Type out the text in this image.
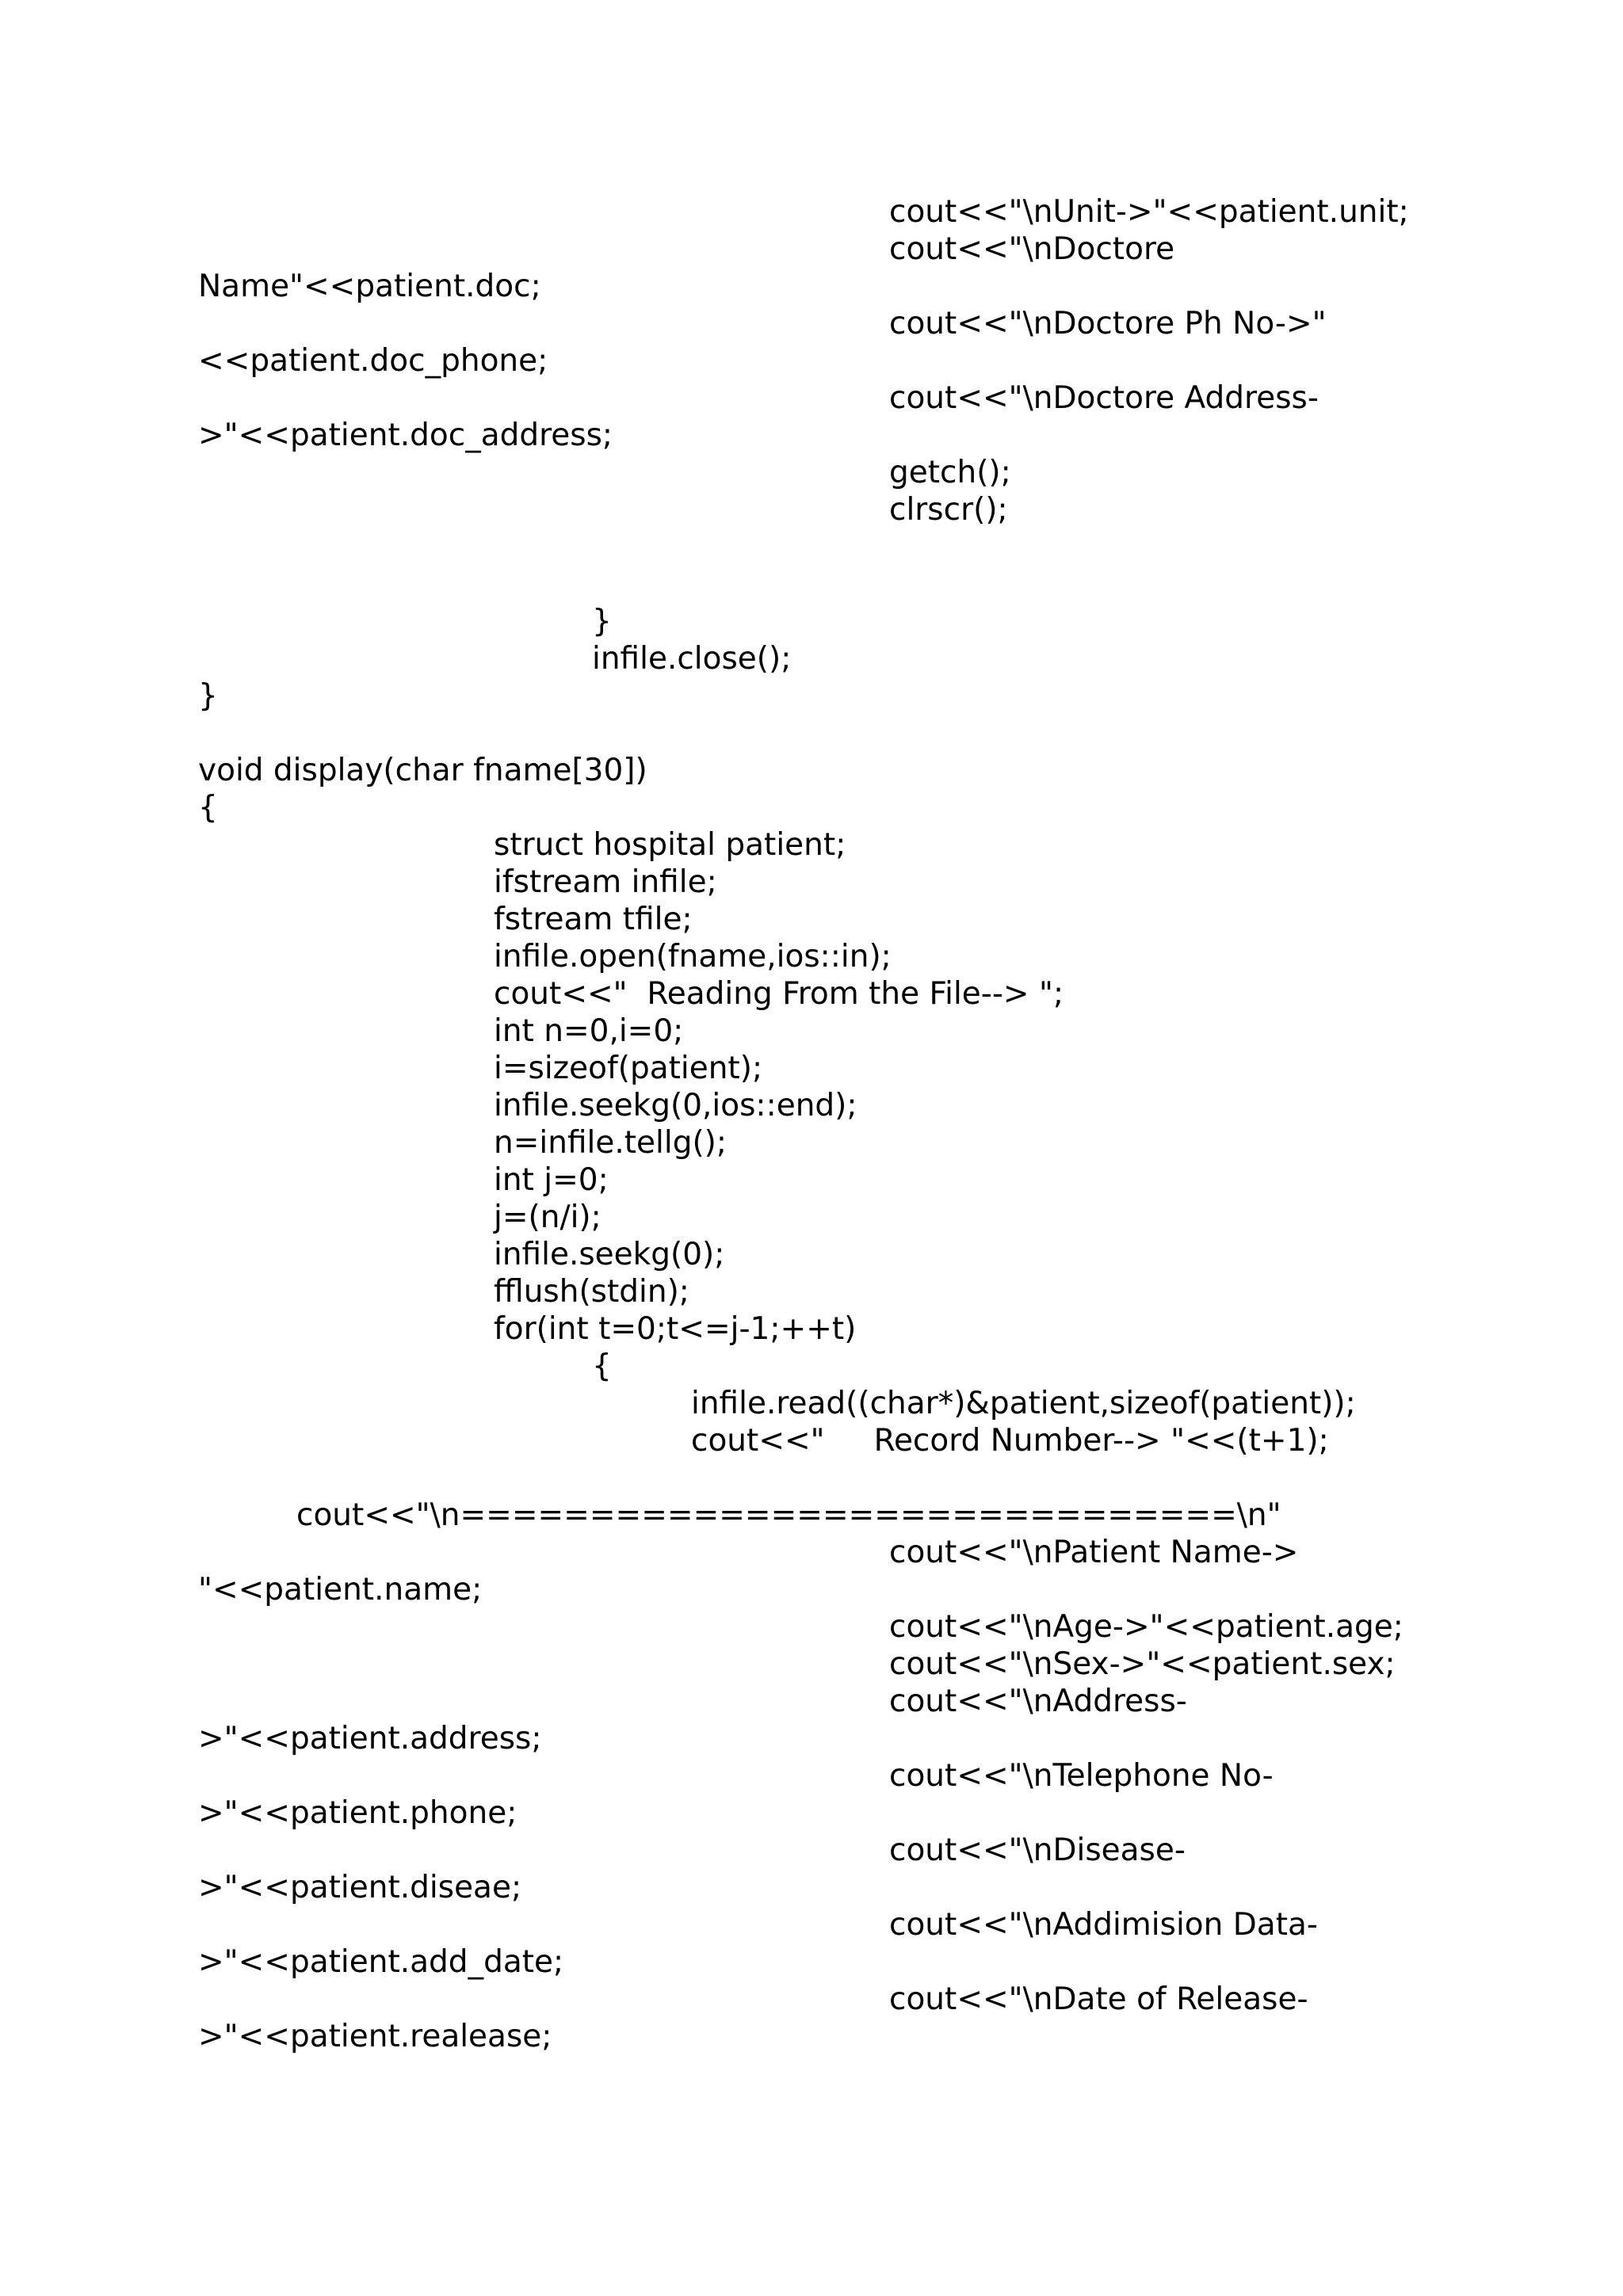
cout<<"\nUnit->"<<patient.unit;

cout<<"\nDoctore

Name"<<patient.doc;

cout<<"\nDoctore Ph No->"

<<patient.doc_phone;

cout<<"\nDoctore Address-

>"<<patient.doc_address;

getch();

clrscr();

}

infile.close();

}

void display(char fname[30])

{

struct hospital patient;

ifstream infile;

fstream tfile;

infile.open(fname,ios::in);

cout<<"  Reading From the File--> ";

int n=0,i=0;

i=sizeof(patient);

infile.seekg(0,ios::end);

n=infile.tellg();

int j=0;

j=(n/i);

infile.seekg(0);

fflush(stdin);

for(int t=0;t<=j-1;++t)

{

infile.read((char*)&patient,sizeof(patient));

cout<<"     Record Number--> "<<(t+1);

cout<<"\n==============================\n"

cout<<"\nPatient Name->

"<<patient.name;

cout<<"\nAge->"<<patient.age;

cout<<"\nSex->"<<patient.sex;

cout<<"\nAddress-

>"<<patient.address;

cout<<"\nTelephone No-

>"<<patient.phone;

cout<<"\nDisease-

>"<<patient.diseae;

cout<<"\nAddimision Data-

>"<<patient.add_date;

cout<<"\nDate of Release-

>"<<patient.realease;
